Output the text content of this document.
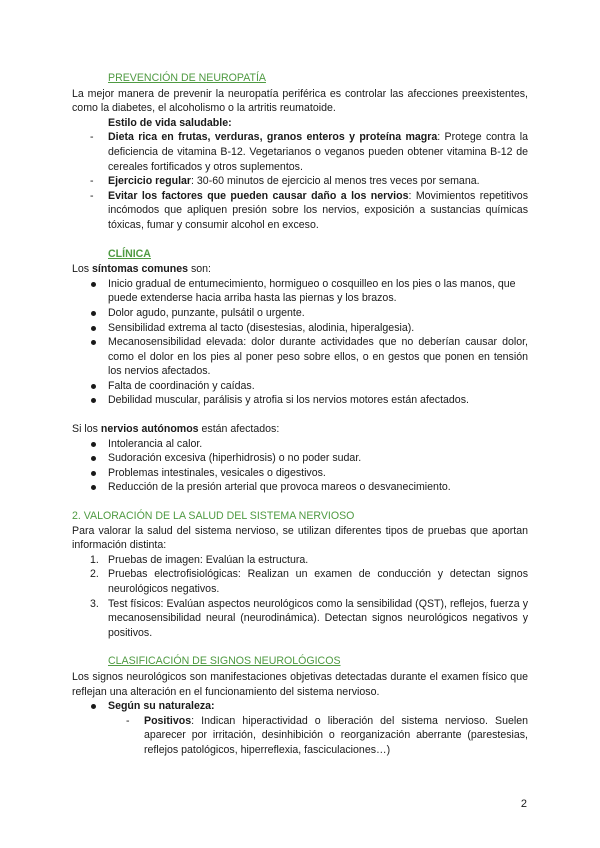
PREVENCIÓN DE NEUROPATÍA

La mejor manera de prevenir la neuropatía periférica es controlar las afecciones preexistentes, como la diabetes, el alcoholismo o la artritis reumatoide.

Estilo de vida saludable:
- Dieta rica en frutas, verduras, granos enteros y proteína magra: Protege contra la deficiencia de vitamina B-12. Vegetarianos o veganos pueden obtener vitamina B-12 de cereales fortificados y otros suplementos.
- Ejercicio regular: 30-60 minutos de ejercicio al menos tres veces por semana.
- Evitar los factores que pueden causar daño a los nervios: Movimientos repetitivos incómodos que apliquen presión sobre los nervios, exposición a sustancias químicas tóxicas, fumar y consumir alcohol en exceso.
CLÍNICA
Los síntomas comunes son:
Inicio gradual de entumecimiento, hormigueo o cosquilleo en los pies o las manos, que puede extenderse hacia arriba hasta las piernas y los brazos.
Dolor agudo, punzante, pulsátil o urgente.
Sensibilidad extrema al tacto (disestesias, alodinia, hiperalgesia).
Mecanosensibilidad elevada: dolor durante actividades que no deberían causar dolor, como el dolor en los pies al poner peso sobre ellos, o en gestos que ponen en tensión los nervios afectados.
Falta de coordinación y caídas.
Debilidad muscular, parálisis y atrofia si los nervios motores están afectados.
Si los nervios autónomos están afectados:
Intolerancia al calor.
Sudoración excesiva (hiperhidrosis) o no poder sudar.
Problemas intestinales, vesicales o digestivos.
Reducción de la presión arterial que provoca mareos o desvanecimiento.
2. VALORACIÓN DE LA SALUD DEL SISTEMA NERVIOSO

Para valorar la salud del sistema nervioso, se utilizan diferentes tipos de pruebas que aportan información distinta:

1. Pruebas de imagen: Evalúan la estructura.
2. Pruebas electrofisiológicas: Realizan un examen de conducción y detectan signos neurológicos negativos.
3. Test físicos: Evalúan aspectos neurológicos como la sensibilidad (QST), reflejos, fuerza y mecanosensibilidad neural (neurodinámica). Detectan signos neurológicos negativos y positivos.
CLASIFICACIÓN DE SIGNOS NEUROLÓGICOS

Los signos neurológicos son manifestaciones objetivas detectadas durante el examen físico que reflejan una alteración en el funcionamiento del sistema nervioso.

Según su naturaleza:
- Positivos: Indican hiperactividad o liberación del sistema nervioso. Suelen aparecer por irritación, desinhibición o reorganización aberrante (parestesias, reflejos patológicos, hiperreflexia, fasciculaciones…)
2
